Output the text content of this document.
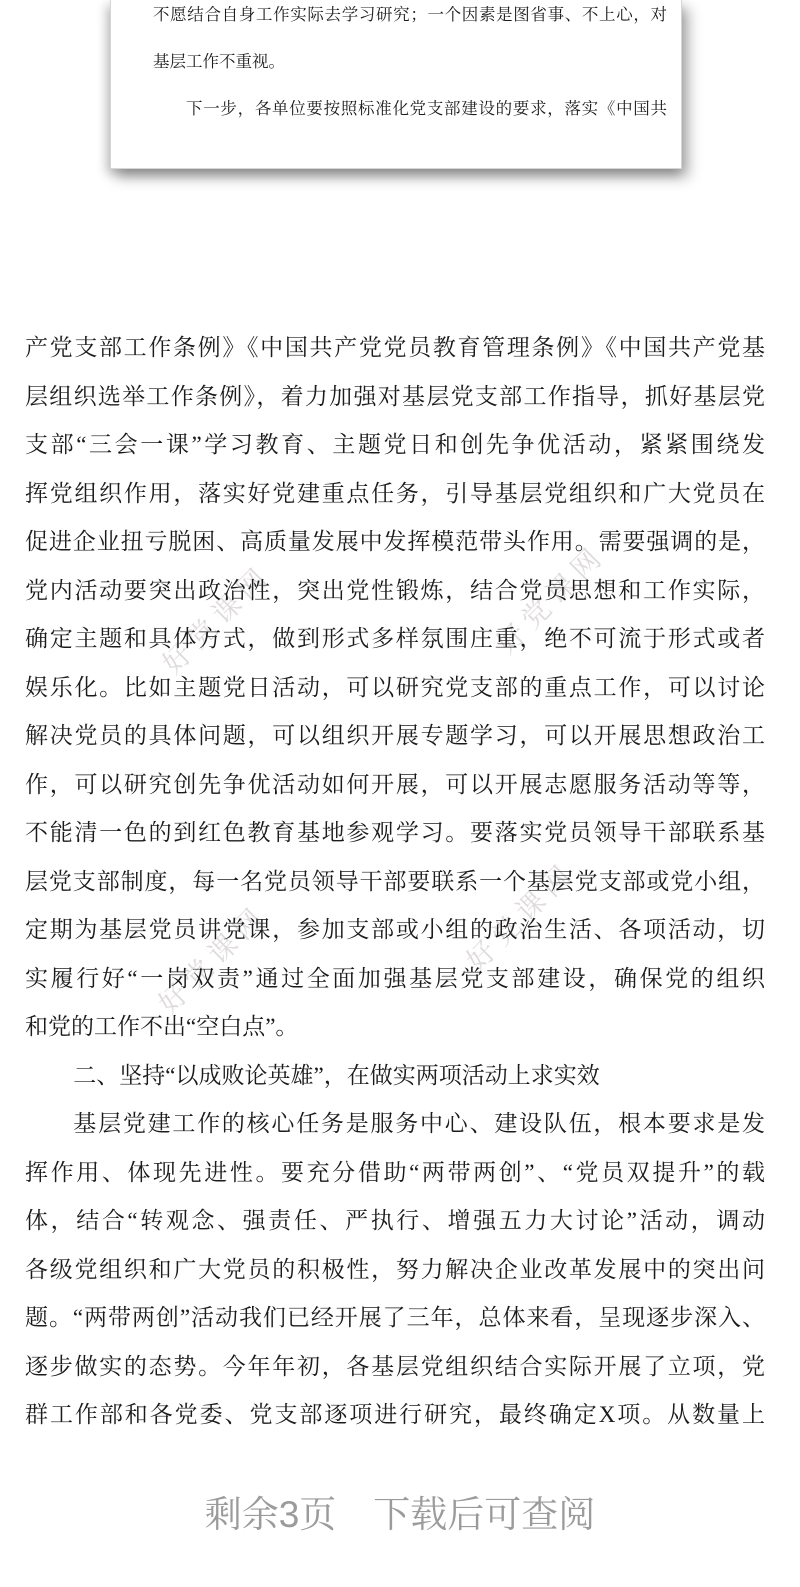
不愿结合自身工作实际去学习研究；一个因素是图省事、不上心，对
基层工作不重视。
下一步，各单位要按照标准化党支部建设的要求，落实《中国共
好党课网
好党课网
好党课网
好党课网
产党支部工作条例》《中国共产党党员教育管理条例》《中国共产党基
层组织选举工作条例》，着力加强对基层党支部工作指导，抓好基层党
支部“三会一课”学习教育、主题党日和创先争优活动，紧紧围绕发
挥党组织作用，落实好党建重点任务，引导基层党组织和广大党员在
促进企业扭亏脱困、高质量发展中发挥模范带头作用。需要强调的是，
党内活动要突出政治性，突出党性锻炼，结合党员思想和工作实际，
确定主题和具体方式，做到形式多样氛围庄重，绝不可流于形式或者
娱乐化。比如主题党日活动，可以研究党支部的重点工作，可以讨论
解决党员的具体问题，可以组织开展专题学习，可以开展思想政治工
作，可以研究创先争优活动如何开展，可以开展志愿服务活动等等，
不能清一色的到红色教育基地参观学习。要落实党员领导干部联系基
层党支部制度，每一名党员领导干部要联系一个基层党支部或党小组，
定期为基层党员讲党课，参加支部或小组的政治生活、各项活动，切
实履行好“一岗双责”通过全面加强基层党支部建设，确保党的组织
和党的工作不出“空白点”。
二、坚持“以成败论英雄”，在做实两项活动上求实效
基层党建工作的核心任务是服务中心、建设队伍，根本要求是发
挥作用、体现先进性。要充分借助“两带两创”、“党员双提升”的载
体，结合“转观念、强责任、严执行、增强五力大讨论”活动，调动
各级党组织和广大党员的积极性，努力解决企业改革发展中的突出问
题。“两带两创”活动我们已经开展了三年，总体来看，呈现逐步深入、
逐步做实的态势。今年年初，各基层党组织结合实际开展了立项，党
群工作部和各党委、党支部逐项进行研究，最终确定X项。从数量上
剩余3页　下载后可查阅
